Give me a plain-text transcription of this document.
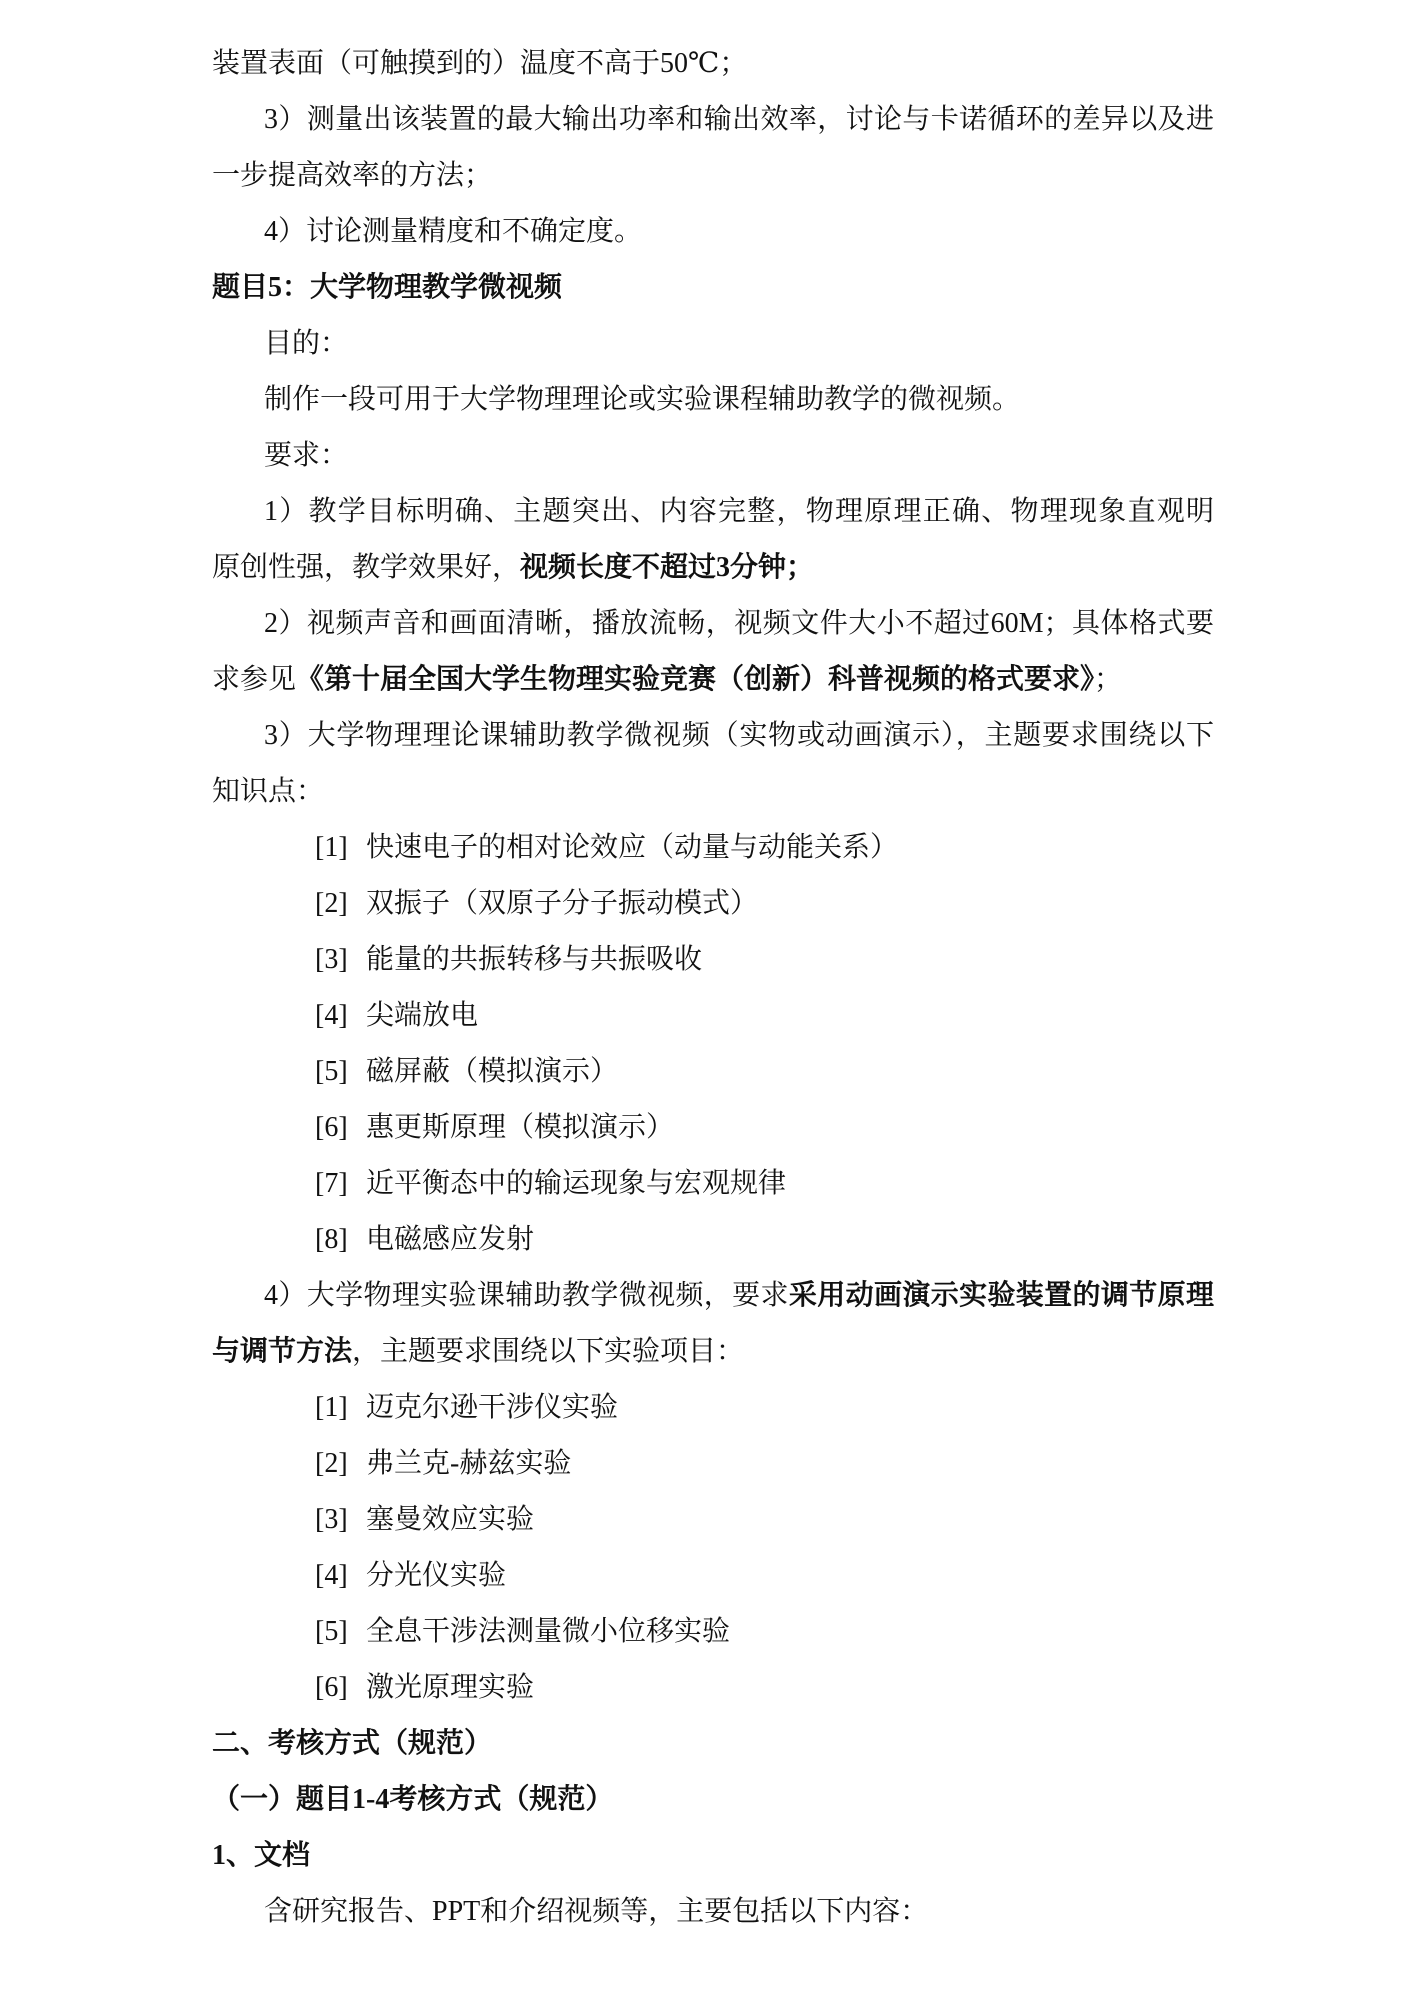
装置表面（可触摸到的）温度不高于50℃；
3）测量出该装置的最大输出功率和输出效率，讨论与卡诺循环的差异以及进
一步提高效率的方法；
4）讨论测量精度和不确定度。
题目5：大学物理教学微视频
目的：
制作一段可用于大学物理理论或实验课程辅助教学的微视频。
要求：
1）教学目标明确、主题突出、内容完整，物理原理正确、物理现象直观明
原创性强，教学效果好，视频长度不超过3分钟；
2）视频声音和画面清晰，播放流畅，视频文件大小不超过60M；具体格式要
求参见《第十届全国大学生物理实验竞赛（创新）科普视频的格式要求》；
3）大学物理理论课辅助教学微视频（实物或动画演示），主题要求围绕以下
知识点：
[1] 快速电子的相对论效应（动量与动能关系）
[2] 双振子（双原子分子振动模式）
[3] 能量的共振转移与共振吸收
[4] 尖端放电
[5] 磁屏蔽（模拟演示）
[6] 惠更斯原理（模拟演示）
[7] 近平衡态中的输运现象与宏观规律
[8] 电磁感应发射
4）大学物理实验课辅助教学微视频，要求采用动画演示实验装置的调节原理
与调节方法，主题要求围绕以下实验项目：
[1] 迈克尔逊干涉仪实验
[2] 弗兰克-赫兹实验
[3] 塞曼效应实验
[4] 分光仪实验
[5] 全息干涉法测量微小位移实验
[6] 激光原理实验
二、考核方式（规范）
（一）题目1-4考核方式（规范）
1、文档
含研究报告、PPT和介绍视频等，主要包括以下内容：
